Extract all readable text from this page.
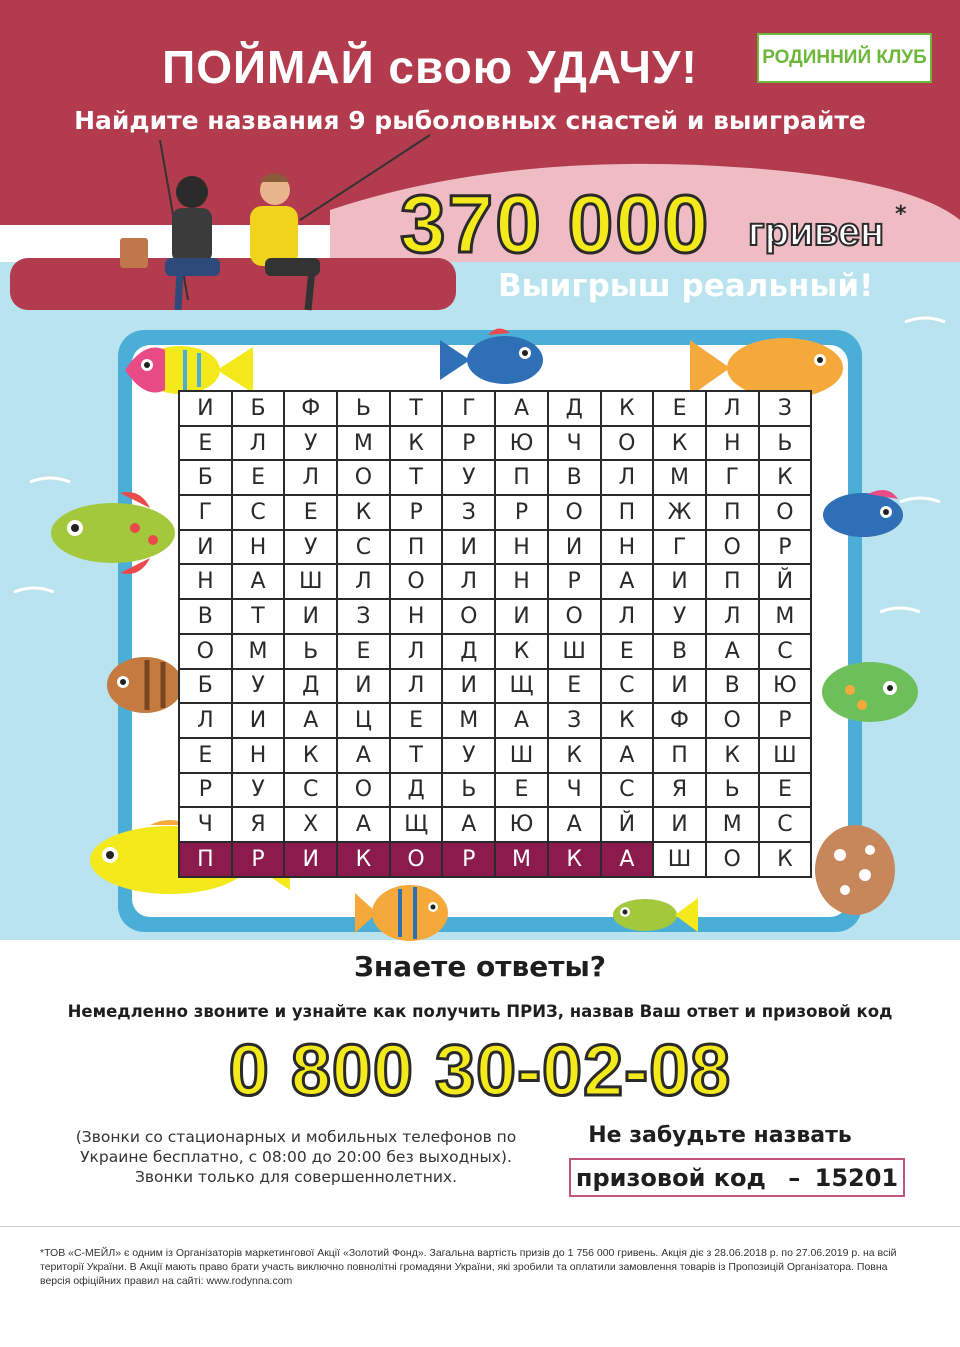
РОДИННИЙ КЛУБ
ПОЙМАЙ свою УДАЧУ!
Найдите названия 9 рыболовных снастей и выиграйте
370 000 гривен *
Выигрыш реальный!
И	Б	Ф	Ь	Т	Г	А	Д	К	Е	Л	З
Е	Л	У	М	К	Р	Ю	Ч	О	К	Н	Ь
Б	Е	Л	О	Т	У	П	В	Л	М	Г	К
Г	С	Е	К	Р	З	Р	О	П	Ж	П	О
И	Н	У	С	П	И	Н	И	Н	Г	О	Р
Н	А	Ш	Л	О	Л	Н	Р	А	И	П	Й
В	Т	И	З	Н	О	И	О	Л	У	Л	М
О	М	Ь	Е	Л	Д	К	Ш	Е	В	А	С
Б	У	Д	И	Л	И	Щ	Е	С	И	В	Ю
Л	И	А	Ц	Е	М	А	З	К	Ф	О	Р
Е	Н	К	А	Т	У	Ш	К	А	П	К	Ш
Р	У	С	О	Д	Ь	Е	Ч	С	Я	Ь	Е
Ч	Я	Х	А	Щ	А	Ю	А	Й	И	М	С
П	Р	И	К	О	Р	М	К	А	Ш	О	К
Знаете ответы?
Немедленно звоните и узнайте как получить ПРИЗ, назвав Ваш ответ и призовой код
0 800 30-02-08
(Звонки со стационарных и мобильных телефонов по
Украине бесплатно, с 08:00 до 20:00 без выходных).
Звонки только для совершеннолетних.
Не забудьте назвать
призовой код – 15201
*ТОВ «С-МЕЙЛ» є одним із Організаторів маркетингової Акції «Золотий Фонд». Загальна вартість призів до 1 756 000 гривень. Акція діє з 28.06.2018 р. по 27.06.2019 р. на всій території України. В Акції мають право брати участь виключно повнолітні громадяни України, які зробили та оплатили замовлення товарів із Пропозицій Організатора. Повна версія офіційних правил на сайті: www.rodynna.com
